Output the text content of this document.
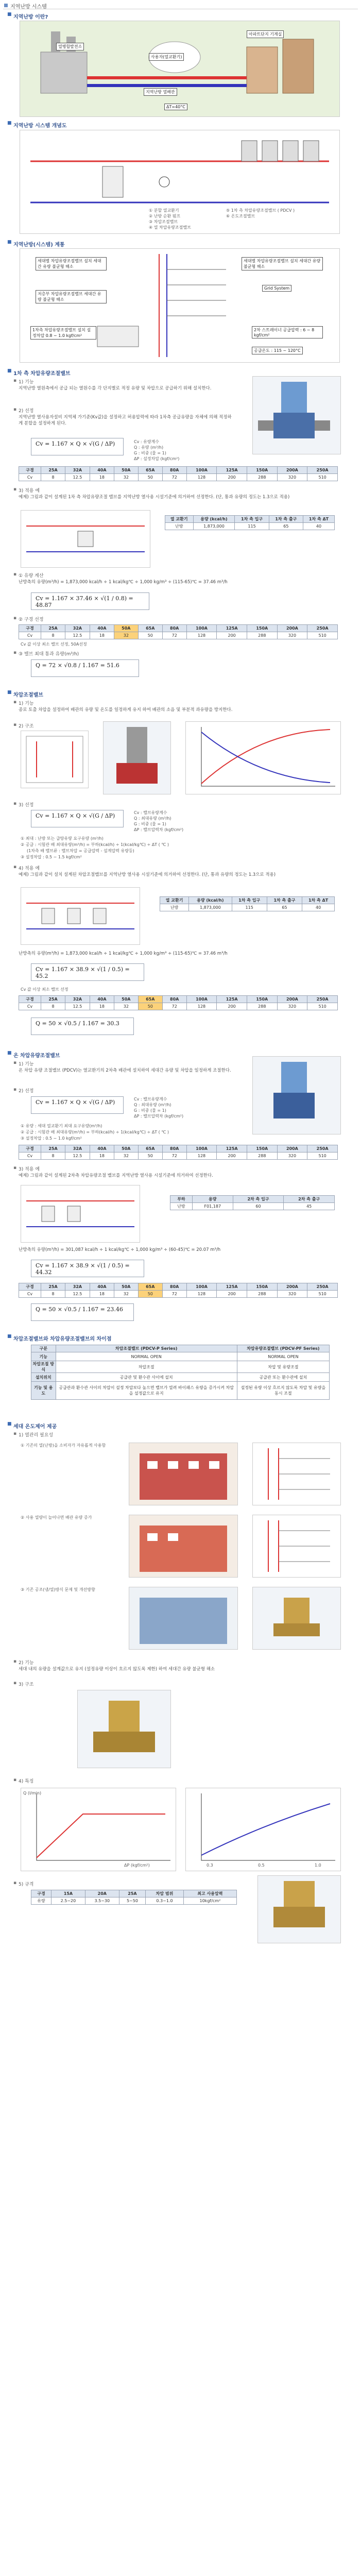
지역난방 시스템
■ 지역난방 이란?
열병합발전소
지역난방 열배관
사용자(열교환기)
아파트단지 기계실
ΔT=40°C
■ 지역난방 시스템 개념도
① 분할 열교환기
② 난방 순환 펌프
③ 차압조절밸브
④ 열 차압유량조절밸브
⑤ 1차 측 차압유량조절밸브 ( PDCV )
⑥ 온도조절밸브
■ 지역난방(시스템) 계통
세대별 차압유량조절밸브 설치 세대간 유량 불균형 해소
세대별 차압유량조절밸브 설치 세대간 유량 불균형 해소
저층부 차압유량조절밸브 세대간 유량 불균형 해소
Grid System
1차측 차압유량조절밸브 설치 설정차압 0.8 ~ 1.0 kgf/cm²
2차 스트레이너 공급압력 : 6 ~ 8 kgf/cm²
공급온도 : 115 ~ 120°C
■ 1차 측 차압유량조절밸브
▪ 1) 기능
지역난방 열원측에서 공급 되는 열원수를 각 단지별로 적정 유량 및 차압으로 공급하기 위해 설치한다.
▪ 2) 선정
지역난방 열사용자설비 지역체 가기준(Kv값)을 설정하고 허용압력에 따라 1차측 공급유량을 자체에 의해 적정하게 분할을 설정하게 된다.
Cv = 1.167 × Q × √(G / ΔP)	Cv : 유량계수
Q : 유량 (m³/h)
G : 비중 (물 = 1)
ΔP : 설정차압 (kgf/cm²)
구경	25A	32A	40A	50A	65A	80A	100A	125A	150A	200A	250A
Cv	8	12.5	18	32	50	72	128	200	288	320	510
▪ 3) 적용 예
예제) 그림과 같이 설계된 1차 측 차압유량조절 밸브를 지역난방 열사용 시설기준에 의거하여 선정한다. (단, 통과 유량의 정도는 1.3으로 적용)
열 교환기	용량 (kcal/h)	1차 측 입구	1차 측 출구	1차 측 ΔT
난방	1,873,000	115	65	40
▪ ① 유량 계산
난방측의 유량(m³/h) = 1,873,000 kcal/h ÷ 1 kcal/kg℃ ÷ 1,000 kg/m³ ÷ (115-65)℃ = 37.46 m³/h
Cv = 1.167 × 37.46 × √(1 / 0.8) = 48.87
▪ ② 구경 선정
구경	25A	32A	40A	50A	65A	80A	100A	125A	150A	200A	250A
Cv	8	12.5	18	32	50	72	128	200	288	320	510
Cv 값 이상 최소 밸브 선정, 50A선정
▪ ③ 밸브 최대 통과 유량(m³/h)
Q = 72 × √0.8 / 1.167 = 51.6
■ 차압조절밸브
▪ 1) 기능
종로 토출 차압을 설정하여 배관의 유량 및 온도를 일정하게 유지 하여 배관의 소음 및 부분적 과유량을 방지한다.
▪ 2) 구조
▪ 3) 선정
Cv = 1.167 × Q × √(G / ΔP)	Cv : 밸브유량계수
Q : 최대유량 (m³/h)
G : 비중 (물 = 1)
ΔP : 밸브압력차 (kgf/cm²)
① 최대 : 난방 또는 급탕유량 요구유량 (m³/h)
② 공급 : 시험관 배 최대유량(m³/h) = 부하(kcal/h) ÷ 1(kcal/kg℃) ÷ ΔT ( ℃ )
(1차측 배 밸브류 : 밸브차압 = 공급압력 - 설계압력 유량등)
③ 설정차압 : 0.5 ~ 1.5 kgf/cm²
▪ 4) 적용 예
예제) 그림과 같이 설치 설계된 차압조절밸브를 지역난방 열사용 시설기준에 의거하여 선정한다. (단, 통과 유량의 정도는 1.3으로 적용)
열 교환기	용량 (kcal/h)	1차 측 입구	1차 측 출구	1차 측 ΔT
난방	1,873,000	115	65	40
난방측의 유량(m³/h) = 1,873,000 kcal/h ÷ 1 kcal/kg℃ ÷ 1,000 kg/m³ ÷ (115-65)℃ = 37.46 m³/h
Cv = 1.167 × 38.9 × √(1 / 0.5) = 45.2
Cv 값 이상 최소 밸브 선정
구경	25A	32A	40A	50A	65A	80A	100A	125A	150A	200A	250A
Cv	8	12.5	18	32	50	72	128	200	288	320	510
Q = 50 × √0.5 / 1.167 = 30.3
■ 온 차압유량조절밸브
▪ 1) 기능
온 차압 유량 조절밸브 (PDCV)는 열교환기의 2차측 배관에 설치하여 세대간 유량 및 차압을 일정하게 조절한다.
▪ 2) 선정
Cv = 1.167 × Q × √(G / ΔP)	Cv : 밸브유량계수
Q : 최대유량 (m³/h)
G : 비중 (물 = 1)
ΔP : 밸브압력차 (kgf/cm²)
① 유량 : 세대 열교환기 최대 요구유량(m³/h)
② 공급 : 시험관 배 최대유량(m³/h) = 부하(kcal/h) ÷ 1(kcal/kg℃) ÷ ΔT ( ℃ )
③ 설정차압 : 0.5 ~ 1.0 kgf/cm²
구경	25A	32A	40A	50A	65A	80A	100A	125A	150A	200A	250A
Cv	8	12.5	18	32	50	72	128	200	288	320	510
▪ 3) 적용 예
예제) 그림과 같이 설계된 2차측 차압유량조절 밸브를 지역난방 열사용 시설기준에 의거하여 선정한다.
부하	용량	2차 측 입구	2차 측 출구
난방	F01,187	60	45
난방측의 유량(m³/h) = 301,087 kcal/h ÷ 1 kcal/kg℃ ÷ 1,000 kg/m³ ÷ (60-45)℃ = 20.07 m³/h
Cv = 1.167 × 38.9 × √(1 / 0.5) = 44.32
구경	25A	32A	40A	50A	65A	80A	100A	125A	150A	200A	250A
Cv	8	12.5	18	32	50	72	128	200	288	320	510
Q = 50 × √0.5 / 1.167 = 23.46
■ 차압조절밸브와 차압유량조절밸브의 차이점
구분	차압조절밸브 (PDCV-P Series)	차압유량조절밸브 (PDCV-PF Series)
기능	NORMAL OPEN	NORMAL OPEN
차압조절 방식	차압조절	차압 및 유량조절
설치위치	공급관 및 환수관 사이에 설치	공급관 또는 환수관에 설치
기능 및 용도	공급관과 환수관 사이의 차압이 설정 차압보다 높으면 밸브가 열려 바이패스 유량을 증가시켜 차압을 설정값으로 유지	설정된 유량 이상 흐르지 않도록 차압 및 유량을 동시 조절
■ 세대 온도제어 제공
▪ 1) 열관리 필요성
① 기존의 열(난방)을 소비자가 자유롭게 사용함
② 사용 열량이 늘어나면 배관 유량 증가
③ 기존 공조(냉/열)방식 문제 및 개선방향
▪ 2) 기능
세대 내의 유량을 설계값으로 유지 (설정유량 이상이 흐르지 않도록 제한) 하여 세대간 유량 불균형 해소
▪ 3) 구조
▪ 4) 특징
Q (l/min)
ΔP (kgf/cm²)	0.3	0.5	1.0
▪ 5) 규격
구경	15A	20A	25A	차압 범위	최고 사용압력
유량	2.5~20	3.5~30	5~50	0.3~1.0	10kgf/cm²
